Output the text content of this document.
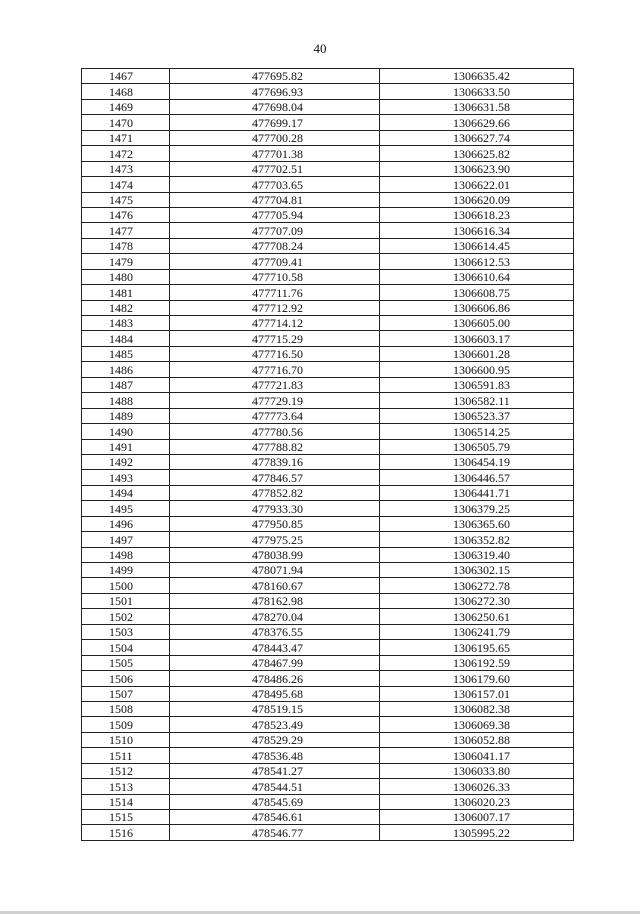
40
1467	477695.82	1306635.42
1468	477696.93	1306633.50
1469	477698.04	1306631.58
1470	477699.17	1306629.66
1471	477700.28	1306627.74
1472	477701.38	1306625.82
1473	477702.51	1306623.90
1474	477703.65	1306622.01
1475	477704.81	1306620.09
1476	477705.94	1306618.23
1477	477707.09	1306616.34
1478	477708.24	1306614.45
1479	477709.41	1306612.53
1480	477710.58	1306610.64
1481	477711.76	1306608.75
1482	477712.92	1306606.86
1483	477714.12	1306605.00
1484	477715.29	1306603.17
1485	477716.50	1306601.28
1486	477716.70	1306600.95
1487	477721.83	1306591.83
1488	477729.19	1306582.11
1489	477773.64	1306523.37
1490	477780.56	1306514.25
1491	477788.82	1306505.79
1492	477839.16	1306454.19
1493	477846.57	1306446.57
1494	477852.82	1306441.71
1495	477933.30	1306379.25
1496	477950.85	1306365.60
1497	477975.25	1306352.82
1498	478038.99	1306319.40
1499	478071.94	1306302.15
1500	478160.67	1306272.78
1501	478162.98	1306272.30
1502	478270.04	1306250.61
1503	478376.55	1306241.79
1504	478443.47	1306195.65
1505	478467.99	1306192.59
1506	478486.26	1306179.60
1507	478495.68	1306157.01
1508	478519.15	1306082.38
1509	478523.49	1306069.38
1510	478529.29	1306052.88
1511	478536.48	1306041.17
1512	478541.27	1306033.80
1513	478544.51	1306026.33
1514	478545.69	1306020.23
1515	478546.61	1306007.17
1516	478546.77	1305995.22
